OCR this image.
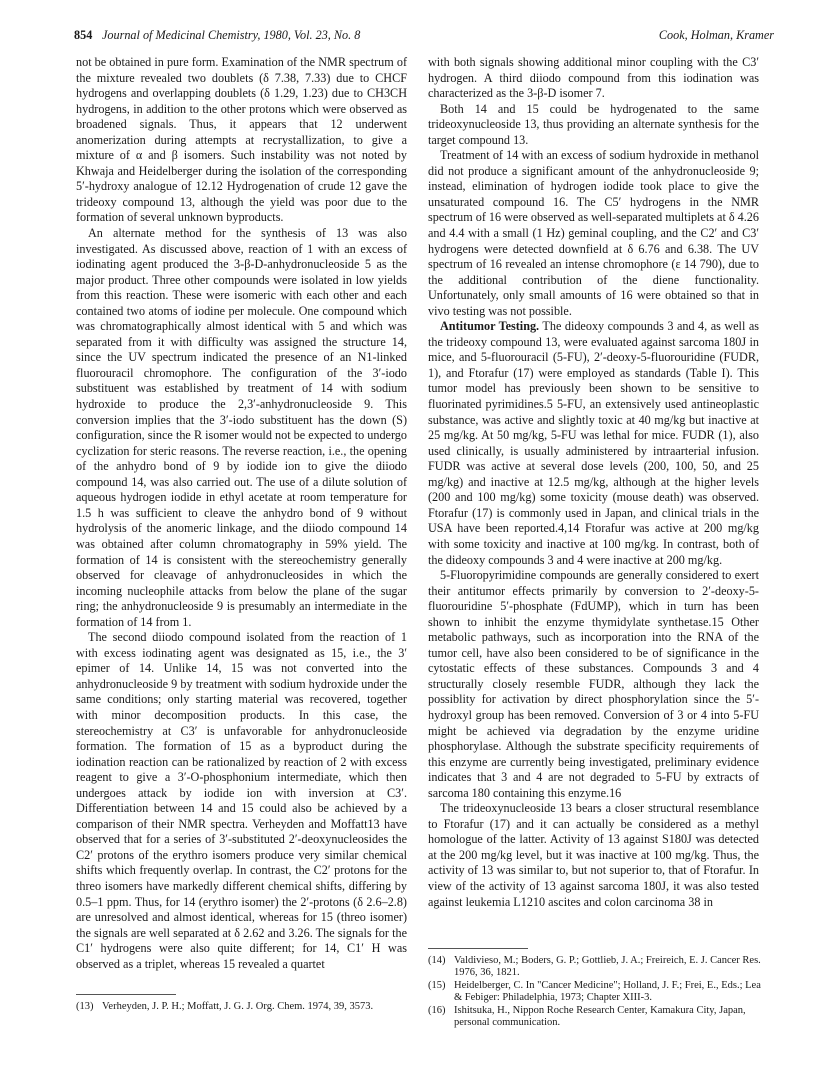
854 Journal of Medicinal Chemistry, 1980, Vol. 23, No. 8	Cook, Holman, Kramer

not be obtained in pure form. Examination of the NMR spectrum of the mixture revealed two doublets (δ 7.38, 7.33) due to CHCF hydrogens and overlapping doublets (δ 1.29, 1.23) due to CH3CH hydrogens, in addition to the other protons which were observed as broadened signals. Thus, it appears that 12 underwent anomerization during attempts at recrystallization, to give a mixture of α and β isomers. Such instability was not noted by Khwaja and Heidelberger during the isolation of the corresponding 5′-hydroxy analogue of 12.12 Hydrogenation of crude 12 gave the trideoxy compound 13, although the yield was poor due to the formation of several unknown byproducts.

An alternate method for the synthesis of 13 was also investigated. As discussed above, reaction of 1 with an excess of iodinating agent produced the 3-β-D-anhydronucleoside 5 as the major product. Three other compounds were isolated in low yields from this reaction. These were isomeric with each other and each contained two atoms of iodine per molecule. One compound which was chromatographically almost identical with 5 and which was separated from it with difficulty was assigned the structure 14, since the UV spectrum indicated the presence of an N1-linked fluorouracil chromophore. The configuration of the 3′-iodo substituent was established by treatment of 14 with sodium hydroxide to produce the 2,3′-anhydronucleoside 9. This conversion implies that the 3′-iodo substituent has the down (S) configuration, since the R isomer would not be expected to undergo cyclization for steric reasons. The reverse reaction, i.e., the opening of the anhydro bond of 9 by iodide ion to give the diiodo compound 14, was also carried out. The use of a dilute solution of aqueous hydrogen iodide in ethyl acetate at room temperature for 1.5 h was sufficient to cleave the anhydro bond of 9 without hydrolysis of the anomeric linkage, and the diiodo compound 14 was obtained after column chromatography in 59% yield. The formation of 14 is consistent with the stereochemistry generally observed for cleavage of anhydronucleosides in which the incoming nucleophile attacks from below the plane of the sugar ring; the anhydronucleoside 9 is presumably an intermediate in the formation of 14 from 1.

The second diiodo compound isolated from the reaction of 1 with excess iodinating agent was designated as 15, i.e., the 3′ epimer of 14. Unlike 14, 15 was not converted into the anhydronucleoside 9 by treatment with sodium hydroxide under the same conditions; only starting material was recovered, together with minor decomposition products. In this case, the stereochemistry at C3′ is unfavorable for anhydronucleoside formation. The formation of 15 as a byproduct during the iodination reaction can be rationalized by reaction of 2 with excess reagent to give a 3′-O-phosphonium intermediate, which then undergoes attack by iodide ion with inversion at C3′. Differentiation between 14 and 15 could also be achieved by a comparison of their NMR spectra. Verheyden and Moffatt13 have observed that for a series of 3′-substituted 2′-deoxynucleosides the C2′ protons of the erythro isomers produce very similar chemical shifts which frequently overlap. In contrast, the C2′ protons for the threo isomers have markedly different chemical shifts, differing by 0.5–1 ppm. Thus, for 14 (erythro isomer) the 2′-protons (δ 2.6–2.8) are unresolved and almost identical, whereas for 15 (threo isomer) the signals are well separated at δ 2.62 and 3.26. The signals for the C1′ hydrogens were also quite different; for 14, C1′ H was observed as a triplet, whereas 15 revealed a quartet

with both signals showing additional minor coupling with the C3′ hydrogen. A third diiodo compound from this iodination was characterized as the 3-β-D isomer 7.

Both 14 and 15 could be hydrogenated to the same trideoxynucleoside 13, thus providing an alternate synthesis for the target compound 13.

Treatment of 14 with an excess of sodium hydroxide in methanol did not produce a significant amount of the anhydronucleoside 9; instead, elimination of hydrogen iodide took place to give the unsaturated compound 16. The C5′ hydrogens in the NMR spectrum of 16 were observed as well-separated multiplets at δ 4.26 and 4.4 with a small (1 Hz) geminal coupling, and the C2′ and C3′ hydrogens were detected downfield at δ 6.76 and 6.38. The UV spectrum of 16 revealed an intense chromophore (ε 14 790), due to the additional contribution of the diene functionality. Unfortunately, only small amounts of 16 were obtained so that in vivo testing was not possible.

Antitumor Testing. The dideoxy compounds 3 and 4, as well as the trideoxy compound 13, were evaluated against sarcoma 180J in mice, and 5-fluorouracil (5-FU), 2′-deoxy-5-fluorouridine (FUDR, 1), and Ftorafur (17) were employed as standards (Table I). This tumor model has previously been shown to be sensitive to fluorinated pyrimidines.5 5-FU, an extensively used antineoplastic substance, was active and slightly toxic at 40 mg/kg but inactive at 25 mg/kg. At 50 mg/kg, 5-FU was lethal for mice. FUDR (1), also used clinically, is usually administered by intraarterial infusion. FUDR was active at several dose levels (200, 100, 50, and 25 mg/kg) and inactive at 12.5 mg/kg, although at the higher levels (200 and 100 mg/kg) some toxicity (mouse death) was observed. Ftorafur (17) is commonly used in Japan, and clinical trials in the USA have been reported.4,14 Ftorafur was active at 200 mg/kg with some toxicity and inactive at 100 mg/kg. In contrast, both of the dideoxy compounds 3 and 4 were inactive at 200 mg/kg.

5-Fluoropyrimidine compounds are generally considered to exert their antitumor effects primarily by conversion to 2′-deoxy-5-fluorouridine 5′-phosphate (FdUMP), which in turn has been shown to inhibit the enzyme thymidylate synthetase.15 Other metabolic pathways, such as incorporation into the RNA of the tumor cell, have also been considered to be of significance in the cytostatic effects of these substances. Compounds 3 and 4 structurally closely resemble FUDR, although they lack the possiblity for activation by direct phosphorylation since the 5′-hydroxyl group has been removed. Conversion of 3 or 4 into 5-FU might be achieved via degradation by the enzyme uridine phosphorylase. Although the substrate specificity requirements of this enzyme are currently being investigated, preliminary evidence indicates that 3 and 4 are not degraded to 5-FU by extracts of sarcoma 180 containing this enzyme.16

The trideoxynucleoside 13 bears a closer structural resemblance to Ftorafur (17) and it can actually be considered as a methyl homologue of the latter. Activity of 13 against S180J was detected at the 200 mg/kg level, but it was inactive at 100 mg/kg. Thus, the activity of 13 was similar to, but not superior to, that of Ftorafur. In view of the activity of 13 against sarcoma 180J, it was also tested against leukemia L1210 ascites and colon carcinoma 38 in

(13) Verheyden, J. P. H.; Moffatt, J. G. J. Org. Chem. 1974, 39, 3573.
(14) Valdivieso, M.; Boders, G. P.; Gottlieb, J. A.; Freireich, E. J. Cancer Res. 1976, 36, 1821.
(15) Heidelberger, C. In "Cancer Medicine"; Holland, J. F.; Frei, E., Eds.; Lea & Febiger: Philadelphia, 1973; Chapter XIII-3.
(16) Ishitsuka, H., Nippon Roche Research Center, Kamakura City, Japan, personal communication.
